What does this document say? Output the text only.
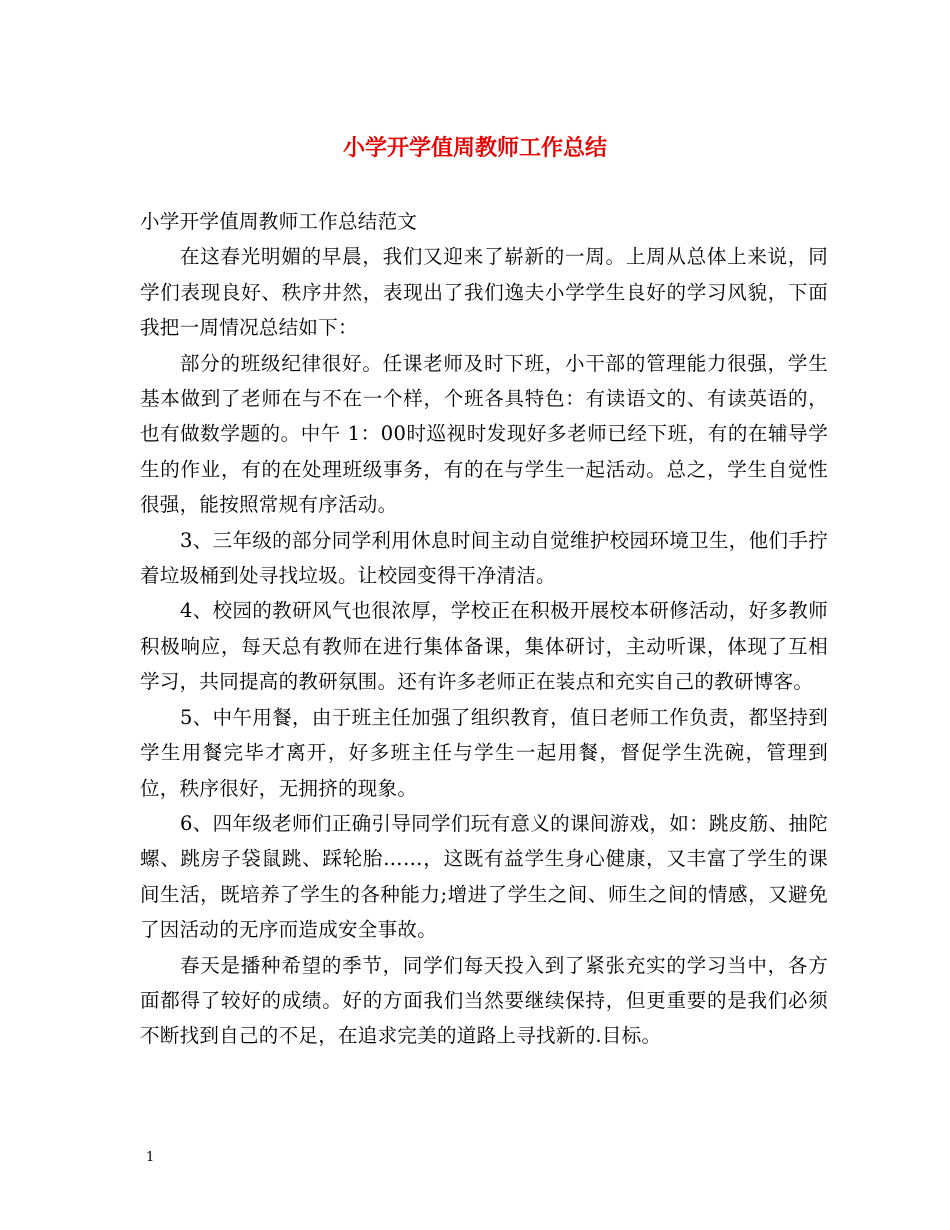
小学开学值周教师工作总结

小学开学值周教师工作总结范文

在这春光明媚的早晨，我们又迎来了崭新的一周。上周从总体上来说，同学们表现良好、秩序井然，表现出了我们逸夫小学学生良好的学习风貌，下面我把一周情况总结如下：

部分的班级纪律很好。任课老师及时下班，小干部的管理能力很强，学生基本做到了老师在与不在一个样，个班各具特色：有读语文的、有读英语的，也有做数学题的。中午 1：00时巡视时发现好多老师已经下班，有的在辅导学生的作业，有的在处理班级事务，有的在与学生一起活动。总之，学生自觉性很强，能按照常规有序活动。

3、三年级的部分同学利用休息时间主动自觉维护校园环境卫生，他们手拧着垃圾桶到处寻找垃圾。让校园变得干净清洁。

4、校园的教研风气也很浓厚，学校正在积极开展校本研修活动，好多教师积极响应，每天总有教师在进行集体备课，集体研讨，主动听课，体现了互相学习，共同提高的教研氛围。还有许多老师正在装点和充实自己的教研博客。

5、中午用餐，由于班主任加强了组织教育，值日老师工作负责，都坚持到学生用餐完毕才离开，好多班主任与学生一起用餐，督促学生洗碗，管理到位，秩序很好，无拥挤的现象。

6、四年级老师们正确引导同学们玩有意义的课间游戏，如：跳皮筋、抽陀螺、跳房子袋鼠跳、踩轮胎……，这既有益学生身心健康，又丰富了学生的课间生活，既培养了学生的各种能力;增进了学生之间、师生之间的情感，又避免了因活动的无序而造成安全事故。

春天是播种希望的季节，同学们每天投入到了紧张充实的学习当中，各方面都得了较好的成绩。好的方面我们当然要继续保持，但更重要的是我们必须不断找到自己的不足，在追求完美的道路上寻找新的.目标。

1
